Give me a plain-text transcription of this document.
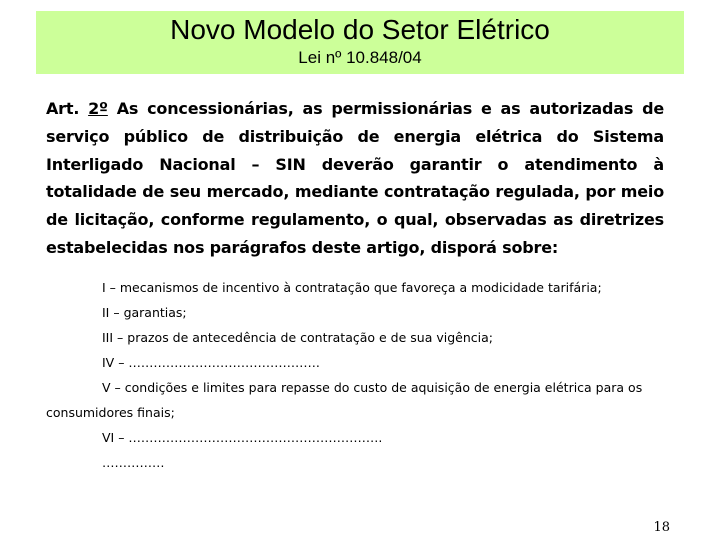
Novo Modelo do Setor Elétrico
Lei nº 10.848/04
Art. 2º As concessionárias, as permissionárias e as autorizadas de serviço público de distribuição de energia elétrica do Sistema Interligado Nacional – SIN deverão garantir o atendimento à totalidade de seu mercado, mediante contratação regulada, por meio de licitação, conforme regulamento, o qual, observadas as diretrizes estabelecidas nos parágrafos deste artigo, disporá sobre:
I – mecanismos de incentivo à contratação que favoreça a modicidade tarifária;
II – garantias;
III – prazos de antecedência de contratação e de sua vigência;
IV – ……………………………………….
V – condições e limites para repasse do custo de aquisição de energia elétrica para os consumidores finais;
VI – …………………………………………………….
……………
18
